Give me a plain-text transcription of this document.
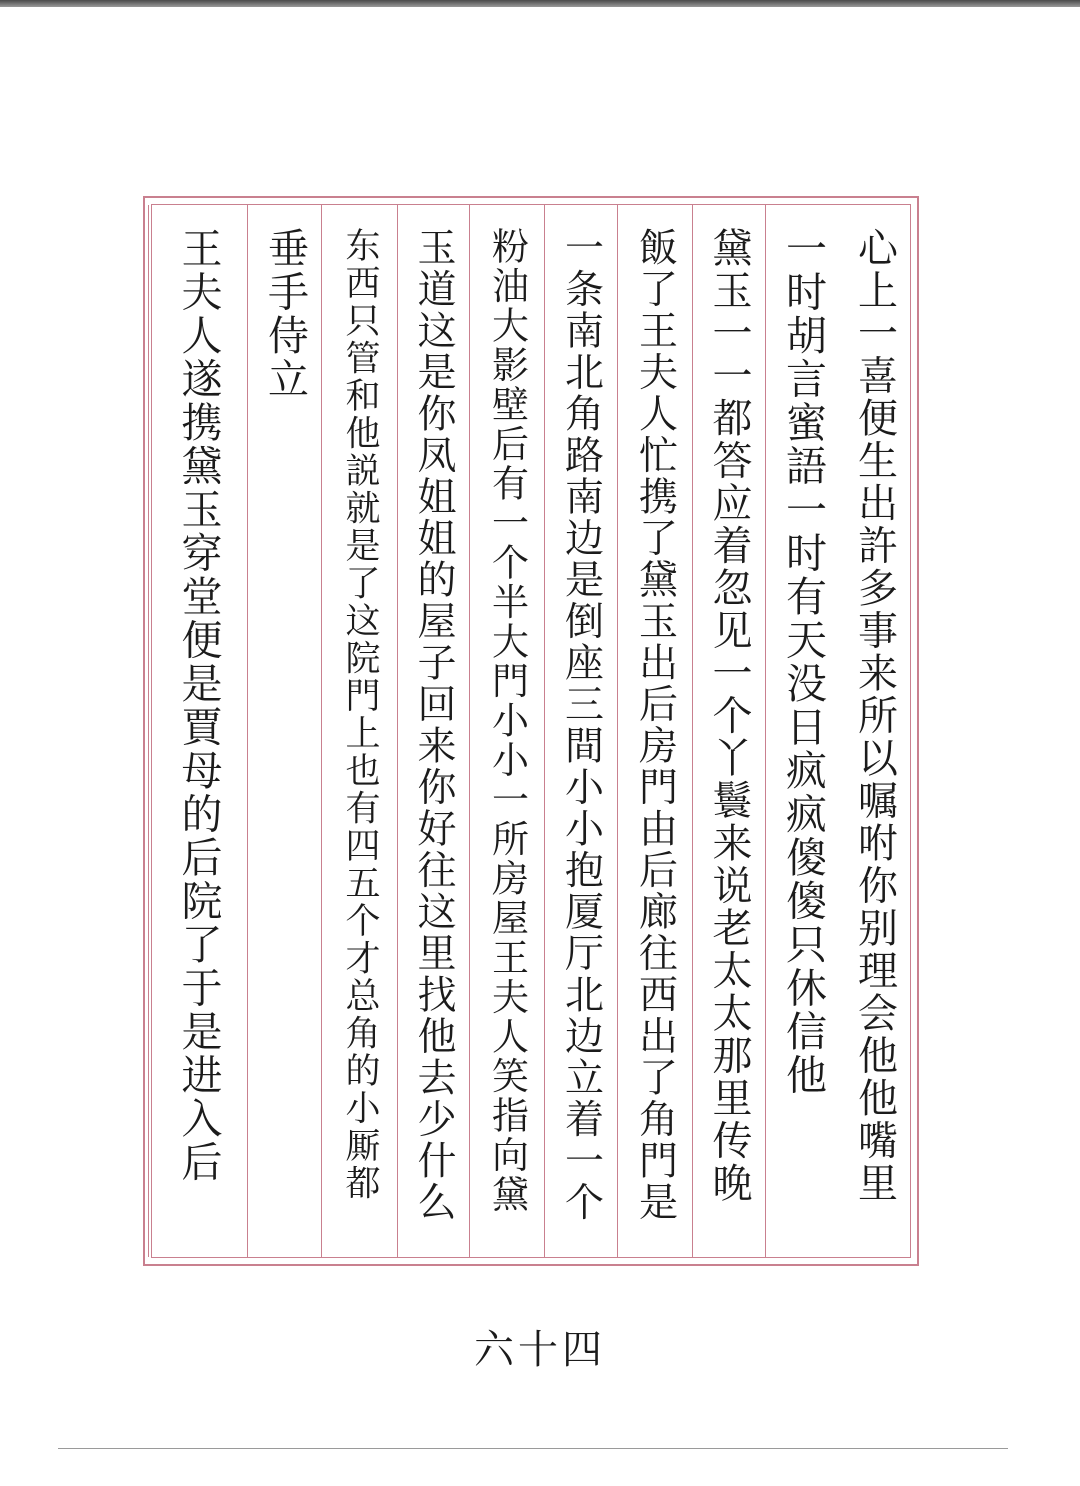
心上一喜便生出許多事来所以嘱咐你别理会他他嘴里
一时胡言蜜語一时有天没日疯疯傻傻只休信他
黛玉一一都答应着忽见一个丫鬟来说老太太那里传晚
飯了王夫人忙携了黛玉出后房門由后廊往西出了角門是
一条南北角路南边是倒座三間小小抱厦厅北边立着一个
粉油大影壁后有一个半大門小小一所房屋王夫人笑指向黛
玉道这是你凤姐姐的屋子回来你好往这里找他去少什么
东西只管和他説就是了这院門上也有四五个才总角的小厮都
垂手侍立
王夫人遂携黛玉穿堂便是賈母的后院了于是进入后
六十四
